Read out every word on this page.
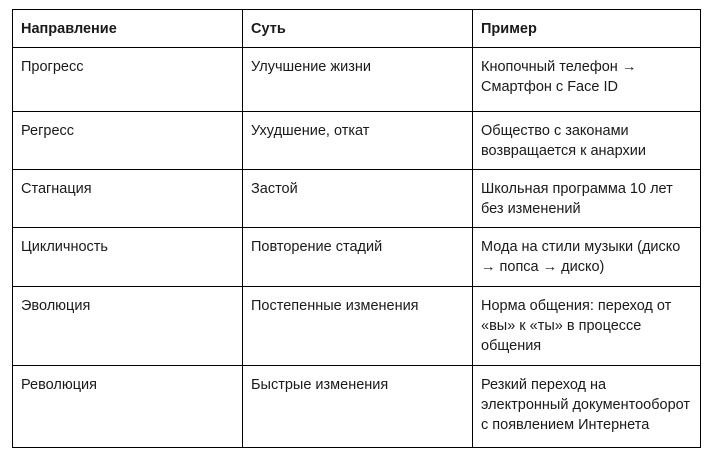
Направление	Суть	Пример
Прогресс	Улучшение жизни	Кнопочный телефон → Смартфон с Face ID
Регресс	Ухудшение, откат	Общество с законами возвращается к анархии
Стагнация	Застой	Школьная программа 10 лет без изменений
Цикличность	Повторение стадий	Мода на стили музыки (диско → попса → диско)
Эволюция	Постепенные изменения	Норма общения: переход от «вы» к «ты» в процессе общения
Революция	Быстрые изменения	Резкий переход на электронный документооборот с появлением Интернета
